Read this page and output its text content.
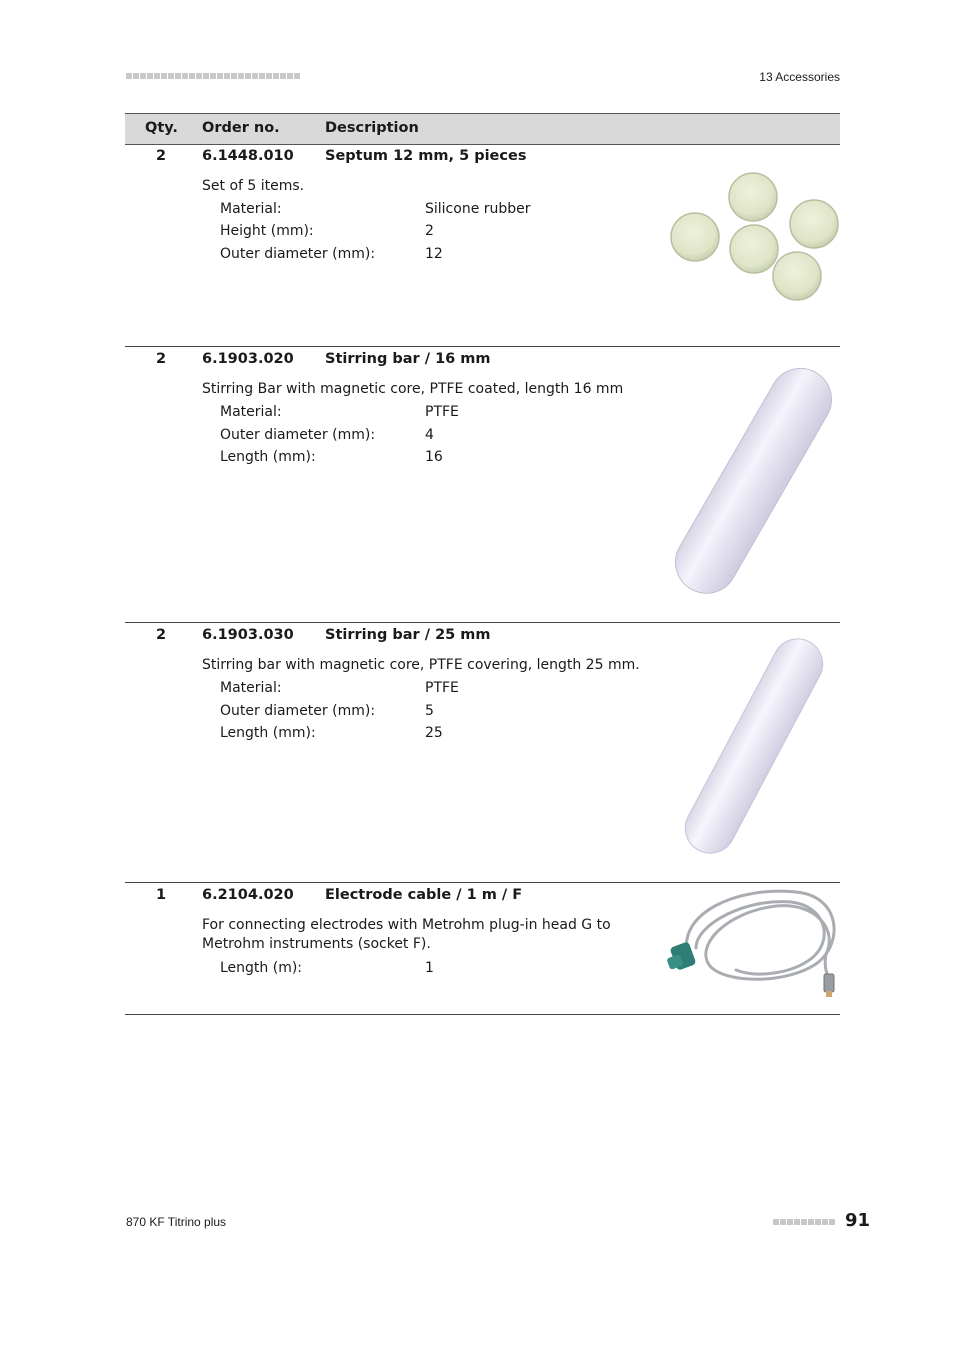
13 Accessories
Qty. Order no.	Description
2	6.1448.010 Septum 12 mm, 5 pieces
Set of 5 items.
Material:	Silicone rubber
Height (mm):	2
Outer diameter (mm):	12
2	6.1903.020 Stirring bar / 16 mm
Stirring Bar with magnetic core, PTFE coated, length 16 mm
Material:	PTFE
Outer diameter (mm):	4
Length (mm):	16
2	6.1903.030 Stirring bar / 25 mm
Stirring bar with magnetic core, PTFE covering, length 25 mm.
Material:	PTFE
Outer diameter (mm):	5
Length (mm):	25
1	6.2104.020 Electrode cable / 1 m / F
For connecting electrodes with Metrohm plug-in head G to Metrohm instruments (socket F).
Length (m):	1
870 KF Titrino plus	91
